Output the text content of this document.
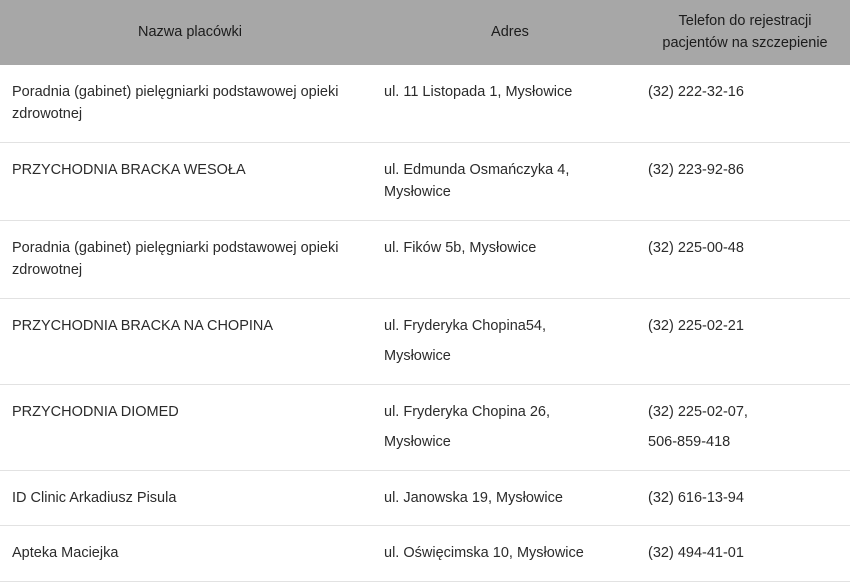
Nazwa placówki	Adres	Telefon do rejestracji pacjentów na szczepienie

Poradnia (gabinet) pielęgniarki podstawowej opieki zdrowotnej	ul. 11 Listopada 1, Mysłowice	(32) 222-32-16

PRZYCHODNIA BRACKA WESOŁA	ul. Edmunda Osmańczyka 4, Mysłowice	(32) 223-92-86

Poradnia (gabinet) pielęgniarki podstawowej opieki zdrowotnej	ul. Fików 5b, Mysłowice	(32) 225-00-48

PRZYCHODNIA BRACKA NA CHOPINA	ul. Fryderyka Chopina54,
Mysłowice	(32) 225-02-21

PRZYCHODNIA DIOMED	ul. Fryderyka Chopina 26,
Mysłowice	(32) 225-02-07,
506-859-418

ID Clinic Arkadiusz Pisula	ul. Janowska 19, Mysłowice	(32) 616-13-94

Apteka Maciejka	ul. Oświęcimska 10, Mysłowice	(32) 494-41-01
